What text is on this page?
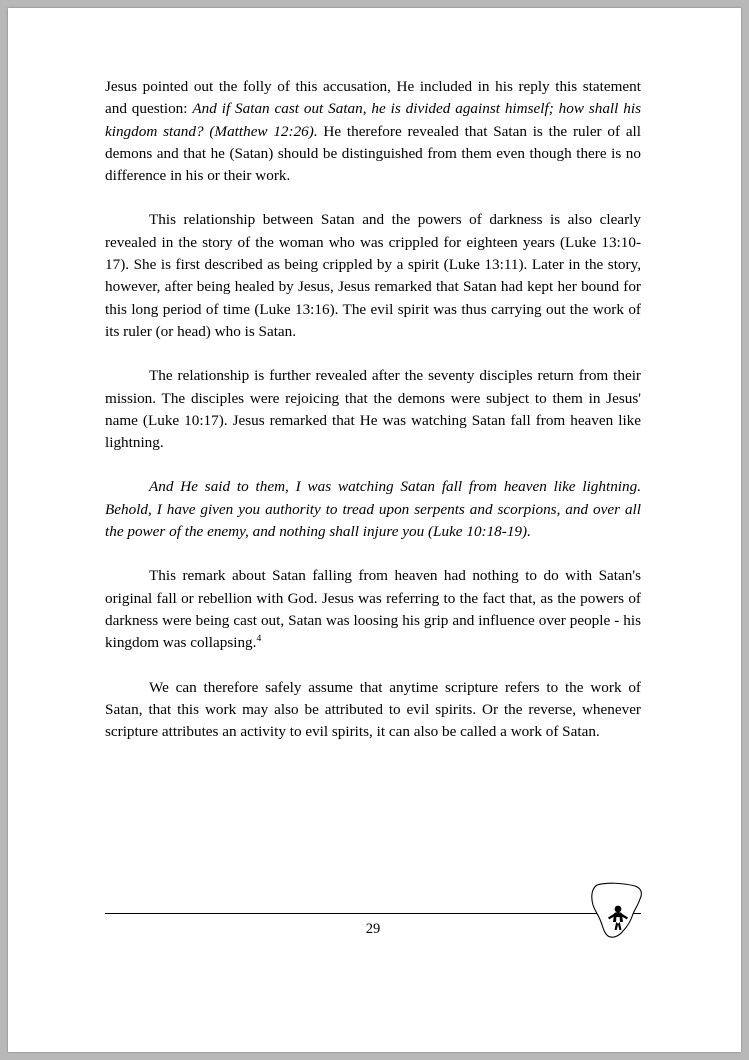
Jesus pointed out the folly of this accusation, He included in his reply this statement and question: And if Satan cast out Satan, he is divided against himself; how shall his kingdom stand? (Matthew 12:26). He therefore revealed that Satan is the ruler of all demons and that he (Satan) should be distinguished from them even though there is no difference in his or their work.

This relationship between Satan and the powers of darkness is also clearly revealed in the story of the woman who was crippled for eighteen years (Luke 13:10-17). She is first described as being crippled by a spirit (Luke 13:11). Later in the story, however, after being healed by Jesus, Jesus remarked that Satan had kept her bound for this long period of time (Luke 13:16). The evil spirit was thus carrying out the work of its ruler (or head) who is Satan.

The relationship is further revealed after the seventy disciples return from their mission. The disciples were rejoicing that the demons were subject to them in Jesus' name (Luke 10:17). Jesus remarked that He was watching Satan fall from heaven like lightning.

And He said to them, I was watching Satan fall from heaven like lightning. Behold, I have given you authority to tread upon serpents and scorpions, and over all the power of the enemy, and nothing shall injure you (Luke 10:18-19).

This remark about Satan falling from heaven had nothing to do with Satan's original fall or rebellion with God. Jesus was referring to the fact that, as the powers of darkness were being cast out, Satan was loosing his grip and influence over people - his kingdom was collapsing.$^4$

We can therefore safely assume that anytime scripture refers to the work of Satan, that this work may also be attributed to evil spirits. Or the reverse, whenever scripture attributes an activity to evil spirits, it can also be called a work of Satan.

29
